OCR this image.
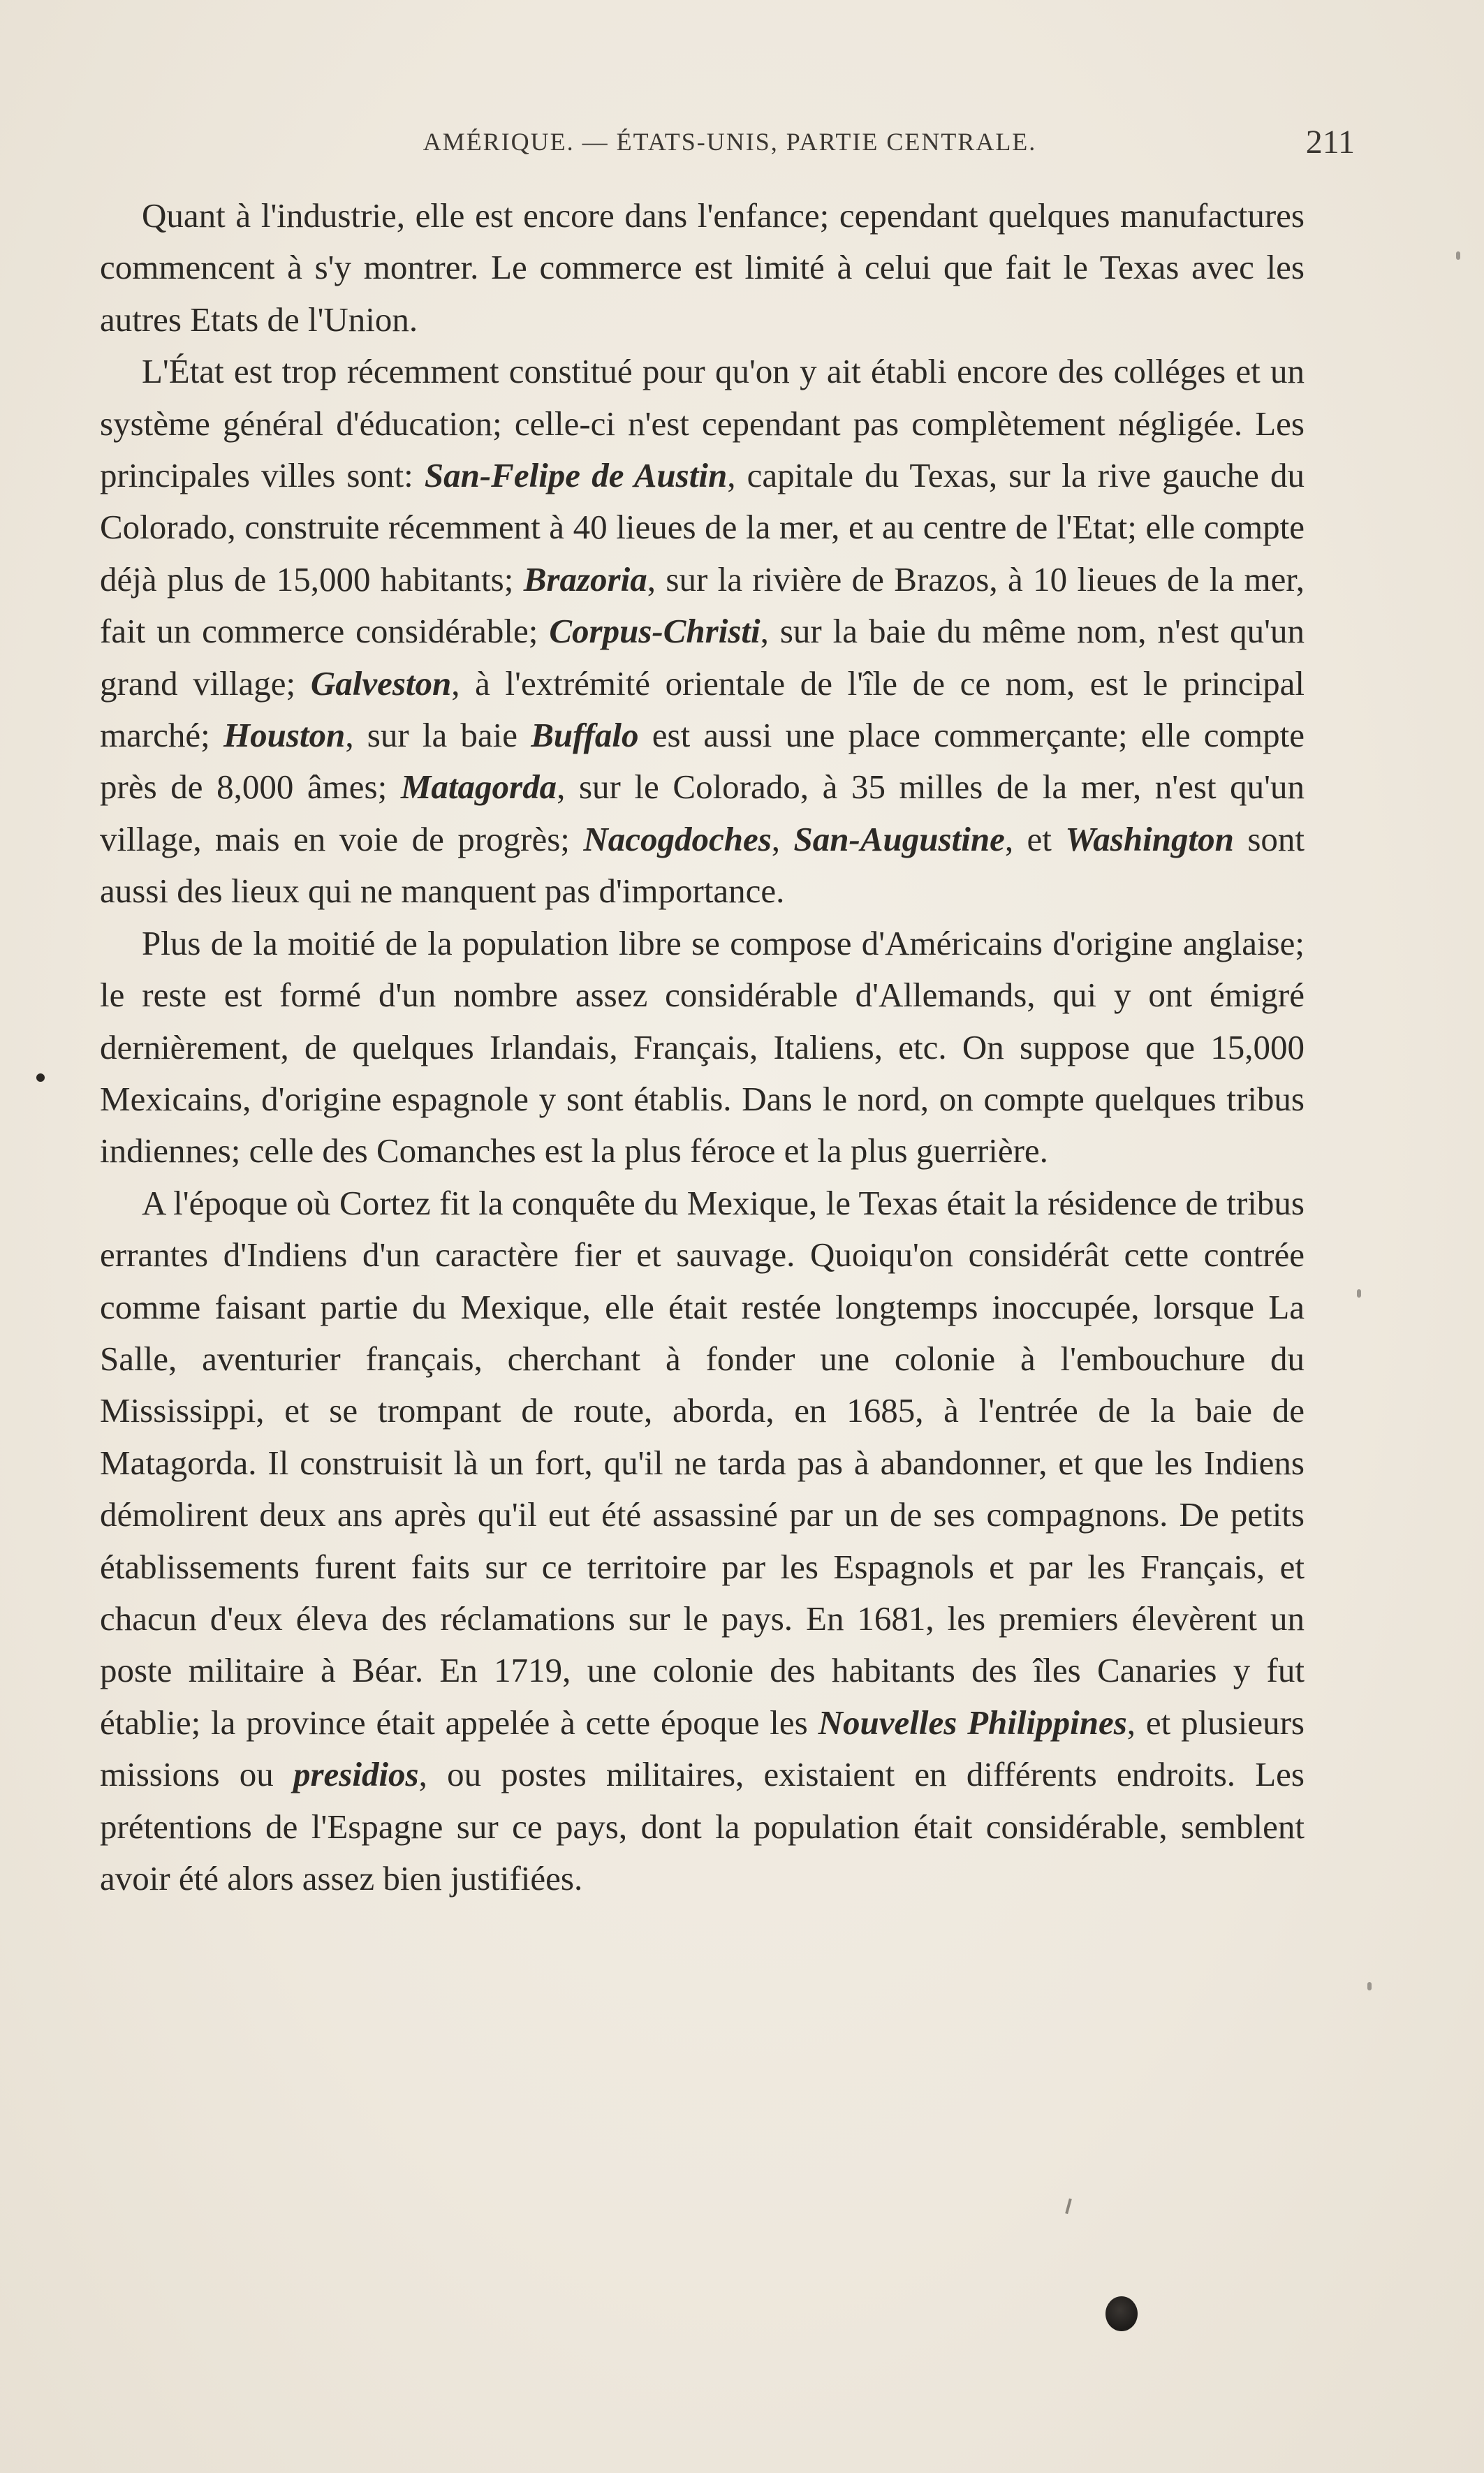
AMÉRIQUE. — ÉTATS-UNIS, PARTIE CENTRALE.	211

Quant à l'industrie, elle est encore dans l'enfance; cependant quelques manufactures commencent à s'y montrer. Le commerce est limité à celui que fait le Texas avec les autres Etats de l'Union.

L'État est trop récemment constitué pour qu'on y ait établi encore des colléges et un système général d'éducation; celle-ci n'est cependant pas complètement négligée. Les principales villes sont: San-Felipe de Austin, capitale du Texas, sur la rive gauche du Colorado, construite récemment à 40 lieues de la mer, et au centre de l'Etat; elle compte déjà plus de 15,000 habitants; Brazoria, sur la rivière de Brazos, à 10 lieues de la mer, fait un commerce considérable; Corpus-Christi, sur la baie du même nom, n'est qu'un grand village; Galveston, à l'extrémité orientale de l'île de ce nom, est le principal marché; Houston, sur la baie Buffalo est aussi une place commerçante; elle compte près de 8,000 âmes; Matagorda, sur le Colorado, à 35 milles de la mer, n'est qu'un village, mais en voie de progrès; Nacogdoches, San-Augustine, et Washington sont aussi des lieux qui ne manquent pas d'importance.

Plus de la moitié de la population libre se compose d'Américains d'origine anglaise; le reste est formé d'un nombre assez considérable d'Allemands, qui y ont émigré dernièrement, de quelques Irlandais, Français, Italiens, etc. On suppose que 15,000 Mexicains, d'origine espagnole y sont établis. Dans le nord, on compte quelques tribus indiennes; celle des Comanches est la plus féroce et la plus guerrière.

A l'époque où Cortez fit la conquête du Mexique, le Texas était la résidence de tribus errantes d'Indiens d'un caractère fier et sauvage. Quoiqu'on considérât cette contrée comme faisant partie du Mexique, elle était restée longtemps inoccupée, lorsque La Salle, aventurier français, cherchant à fonder une colonie à l'embouchure du Mississippi, et se trompant de route, aborda, en 1685, à l'entrée de la baie de Matagorda. Il construisit là un fort, qu'il ne tarda pas à abandonner, et que les Indiens démolirent deux ans après qu'il eut été assassiné par un de ses compagnons. De petits établissements furent faits sur ce territoire par les Espagnols et par les Français, et chacun d'eux éleva des réclamations sur le pays. En 1681, les premiers élevèrent un poste militaire à Béar. En 1719, une colonie des habitants des îles Canaries y fut établie; la province était appelée à cette époque les Nouvelles Philippines, et plusieurs missions ou presidios, ou postes militaires, existaient en différents endroits. Les prétentions de l'Espagne sur ce pays, dont la population était considérable, semblent avoir été alors assez bien justifiées.
